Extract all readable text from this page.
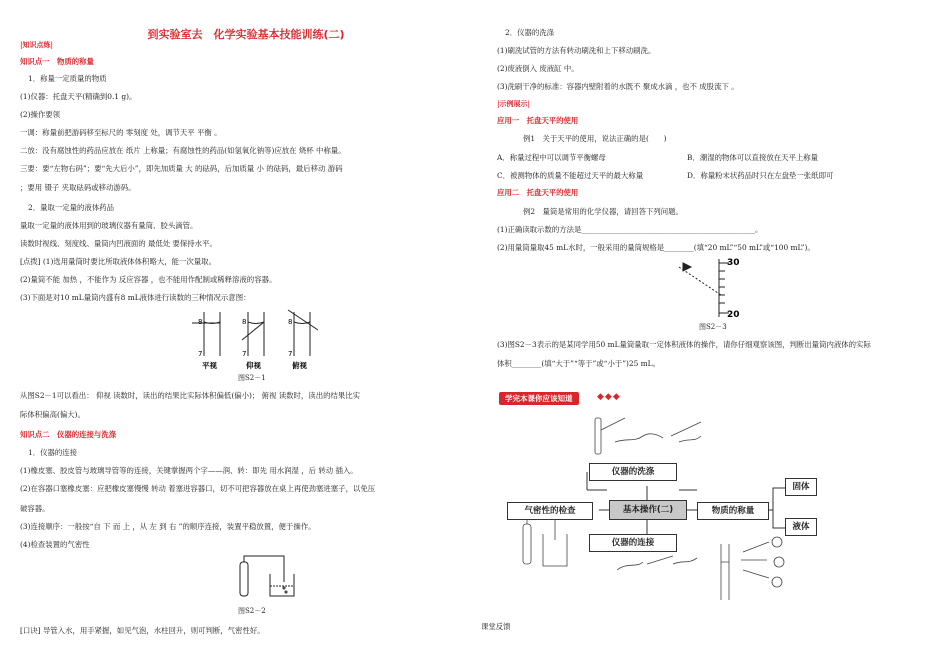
到实验室去　化学实验基本技能训练(二)
|知识点练|
知识点一　物质的称量
1．称量一定质量的物质
(1)仪器：托盘天平(精确到0.1 g)。
(2)操作要领
一调：称量前把游码移至标尺的 零刻度 处，调节天平 平衡 。
二放：没有腐蚀性的药品应放在 纸片 上称量；有腐蚀性的药品(如氢氧化钠等)应放在 烧杯 中称量。
三要：要“左物右码”；要“先大后小”，即先加质量 大 的砝码，后加质量 小 的砝码，最后移动 游码
；要用 镊子 夹取砝码或移动游码。
2．量取一定量的液体药品
量取一定量的液体用到的玻璃仪器有量筒、胶头滴管。
读数时视线、刻度线、量筒内凹液面的 最低处 要保持水平。
[点拨] (1)选用量筒时要比所取液体体积略大，能一次量取。
(2)量筒不能 加热 ，不能作为 反应容器 ，也不能用作配制或稀释溶液的容器。
(3)下面是对10 mL量筒内盛有8 mL液体进行读数的三种情况示意图：
8
7
8
7
8
7
平视	仰视	俯视
图S2－1
从图S2－1可以看出： 仰视 读数时，读出的结果比实际体积偏低(偏小)； 俯视 读数时，读出的结果比实
际体积偏高(偏大)。
知识点二　仪器的连接与洗涤
1．仪器的连接
(1)橡皮塞、胶皮管与玻璃导管等的连接，关键掌握两个字——润、转：即先 用水润湿 ，后 转动 插入。
(2)在容器口塞橡皮塞：应把橡皮塞慢慢 转动 着塞进容器口，切不可把容器放在桌上再使劲塞进塞子，以免压
破容器。
(3)连接顺序：一般按“自 下 而 上 ，从 左 到 右 ”的顺序连接，装置平稳放置，便于操作。
(4)检查装置的气密性
图S2－2
[口诀] 导管入水，用手紧握，如见气泡，水柱回升，则可判断，气密性好。
2．仪器的洗涤
(1)刷洗试管的方法有转动刷洗和上下移动刷洗。
(2)废液倒入 废液缸 中。
(3)洗刷干净的标准：容器内壁附着的水既不 聚成水滴 ，也不 成股流下 。
|示例展示|
应用一　托盘天平的使用
例1　关于天平的使用，说法正确的是(　　)
A．称量过程中可以调节平衡螺母	B．潮湿的物体可以直接放在天平上称量
C．被测物体的质量不能超过天平的最大称量	D．称量粉末状药品时只在左盘垫一张纸即可
应用二　托盘天平的使用
例2　量筒是常用的化学仪器，请回答下列问题。
(1)正确读取示数的方法是_______________________________________________。
(2)用量筒量取45 mL水时，一般采用的量筒规格是________(填“20 mL”“50 mL”或“100 mL”)。
30
20
图S2－3
(3)图S2－3表示的是某同学用50 mL量筒量取一定体积液体的操作，请你仔细观察该图，判断出量筒内液体的实际
体积________(填“大于”“等于”或“小于”)25 mL。
学完本课你应该知道	◆◆◆
仪器的洗涤
气密性的检查	基本操作(二)	物质的称量
仪器的连接
固体
液体
课堂反馈
